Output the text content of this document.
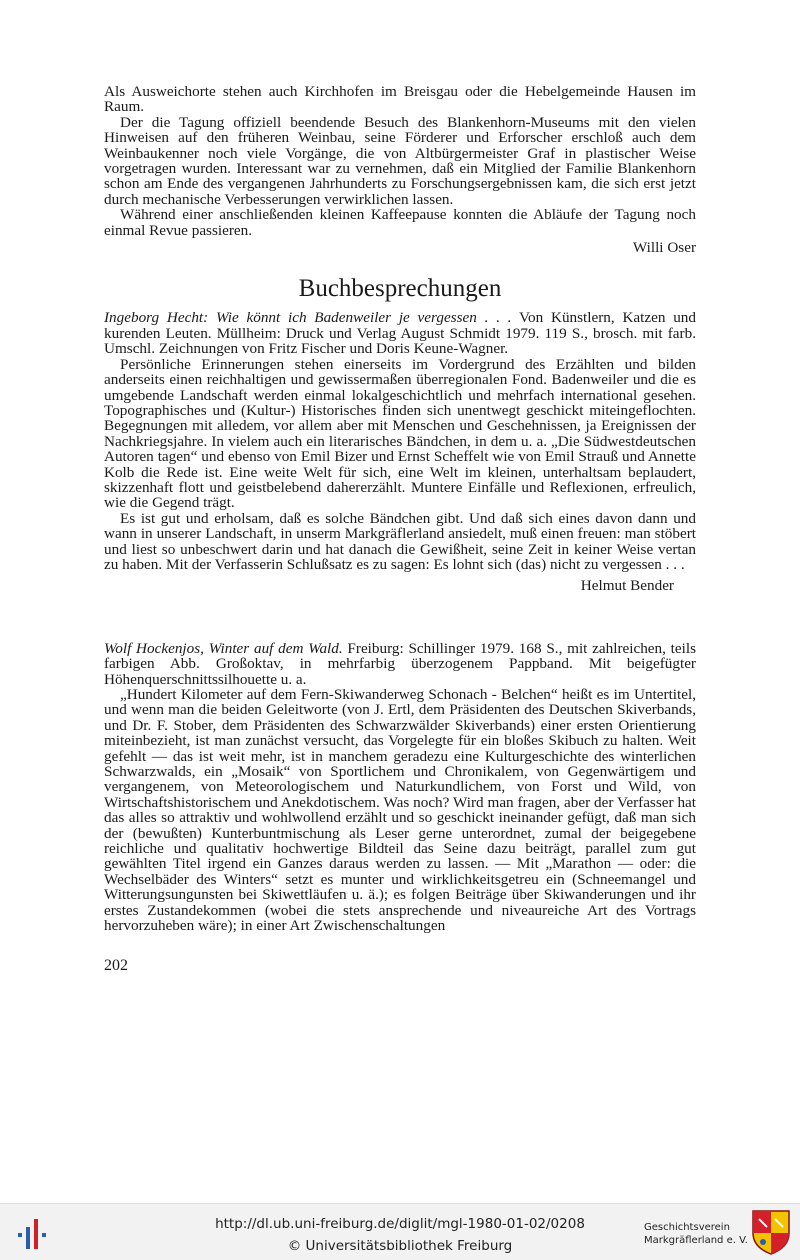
Als Ausweichorte stehen auch Kirchhofen im Breisgau oder die Hebelgemeinde Hausen im Raum.

Der die Tagung offiziell beendende Besuch des Blankenhorn-Museums mit den vielen Hinweisen auf den früheren Weinbau, seine Förderer und Erforscher erschloß auch dem Weinbaukenner noch viele Vorgänge, die von Altbürgermeister Graf in plastischer Weise vorgetragen wurden. Interessant war zu vernehmen, daß ein Mitglied der Familie Blankenhorn schon am Ende des vergangenen Jahrhunderts zu Forschungsergebnissen kam, die sich erst jetzt durch mechanische Verbesserungen verwirklichen lassen.

Während einer anschließenden kleinen Kaffeepause konnten die Abläufe der Tagung noch einmal Revue passieren.

Willi Oser

Buchbesprechungen

Ingeborg Hecht: Wie könnt ich Badenweiler je vergessen . . . Von Künstlern, Katzen und kurenden Leuten. Müllheim: Druck und Verlag August Schmidt 1979. 119 S., brosch. mit farb. Umschl. Zeichnungen von Fritz Fischer und Doris Keune-Wagner.

Persönliche Erinnerungen stehen einerseits im Vordergrund des Erzählten und bilden anderseits einen reichhaltigen und gewissermaßen überregionalen Fond. Badenweiler und die es umgebende Landschaft werden einmal lokalgeschichtlich und mehrfach international gesehen. Topographisches und (Kultur-) Historisches finden sich unentwegt geschickt miteingeflochten. Begegnungen mit alledem, vor allem aber mit Menschen und Geschehnissen, ja Ereignissen der Nachkriegsjahre. In vielem auch ein literarisches Bändchen, in dem u. a. „Die Südwestdeutschen Autoren tagen“ und ebenso von Emil Bizer und Ernst Scheffelt wie von Emil Strauß und Annette Kolb die Rede ist. Eine weite Welt für sich, eine Welt im kleinen, unterhaltsam beplaudert, skizzenhaft flott und geistbelebend dahererzählt. Muntere Einfälle und Reflexionen, erfreulich, wie die Gegend trägt.

Es ist gut und erholsam, daß es solche Bändchen gibt. Und daß sich eines davon dann und wann in unserer Landschaft, in unserm Markgräflerland ansiedelt, muß einen freuen: man stöbert und liest so unbeschwert darin und hat danach die Gewißheit, seine Zeit in keiner Weise vertan zu haben. Mit der Verfasserin Schlußsatz es zu sagen: Es lohnt sich (das) nicht zu vergessen . . .

Helmut Bender

Wolf Hockenjos, Winter auf dem Wald. Freiburg: Schillinger 1979. 168 S., mit zahlreichen, teils farbigen Abb. Großoktav, in mehrfarbig überzogenem Pappband. Mit beigefügter Höhenquerschnittssilhouette u. a.

„Hundert Kilometer auf dem Fern-Skiwanderweg Schonach - Belchen“ heißt es im Untertitel, und wenn man die beiden Geleitworte (von J. Ertl, dem Präsidenten des Deutschen Skiverbands, und Dr. F. Stober, dem Präsidenten des Schwarzwälder Skiverbands) einer ersten Orientierung miteinbezieht, ist man zunächst versucht, das Vorgelegte für ein bloßes Skibuch zu halten. Weit gefehlt — das ist weit mehr, ist in manchem geradezu eine Kulturgeschichte des winterlichen Schwarzwalds, ein „Mosaik“ von Sportlichem und Chronikalem, von Gegenwärtigem und vergangenem, von Meteorologischem und Naturkundlichem, von Forst und Wild, von Wirtschaftshistorischem und Anekdotischem. Was noch? Wird man fragen, aber der Verfasser hat das alles so attraktiv und wohlwollend erzählt und so geschickt ineinander gefügt, daß man sich der (bewußten) Kunterbuntmischung als Leser gerne unterordnet, zumal der beigegebene reichliche und qualitativ hochwertige Bildteil das Seine dazu beiträgt, parallel zum gut gewählten Titel irgend ein Ganzes daraus werden zu lassen. — Mit „Marathon — oder: die Wechselbäder des Winters“ setzt es munter und wirklichkeitsgetreu ein (Schneemangel und Witterungsungunsten bei Skiwettläufen u. ä.); es folgen Beiträge über Skiwanderungen und ihr erstes Zustandekommen (wobei die stets ansprechende und niveaureiche Art des Vortrags hervorzuheben wäre); in einer Art Zwischenschaltungen

202

http://dl.ub.uni-freiburg.de/diglit/mgl-1980-01-02/0208
© Universitätsbibliothek Freiburg
Geschichtsverein
Markgräflerland e. V.
